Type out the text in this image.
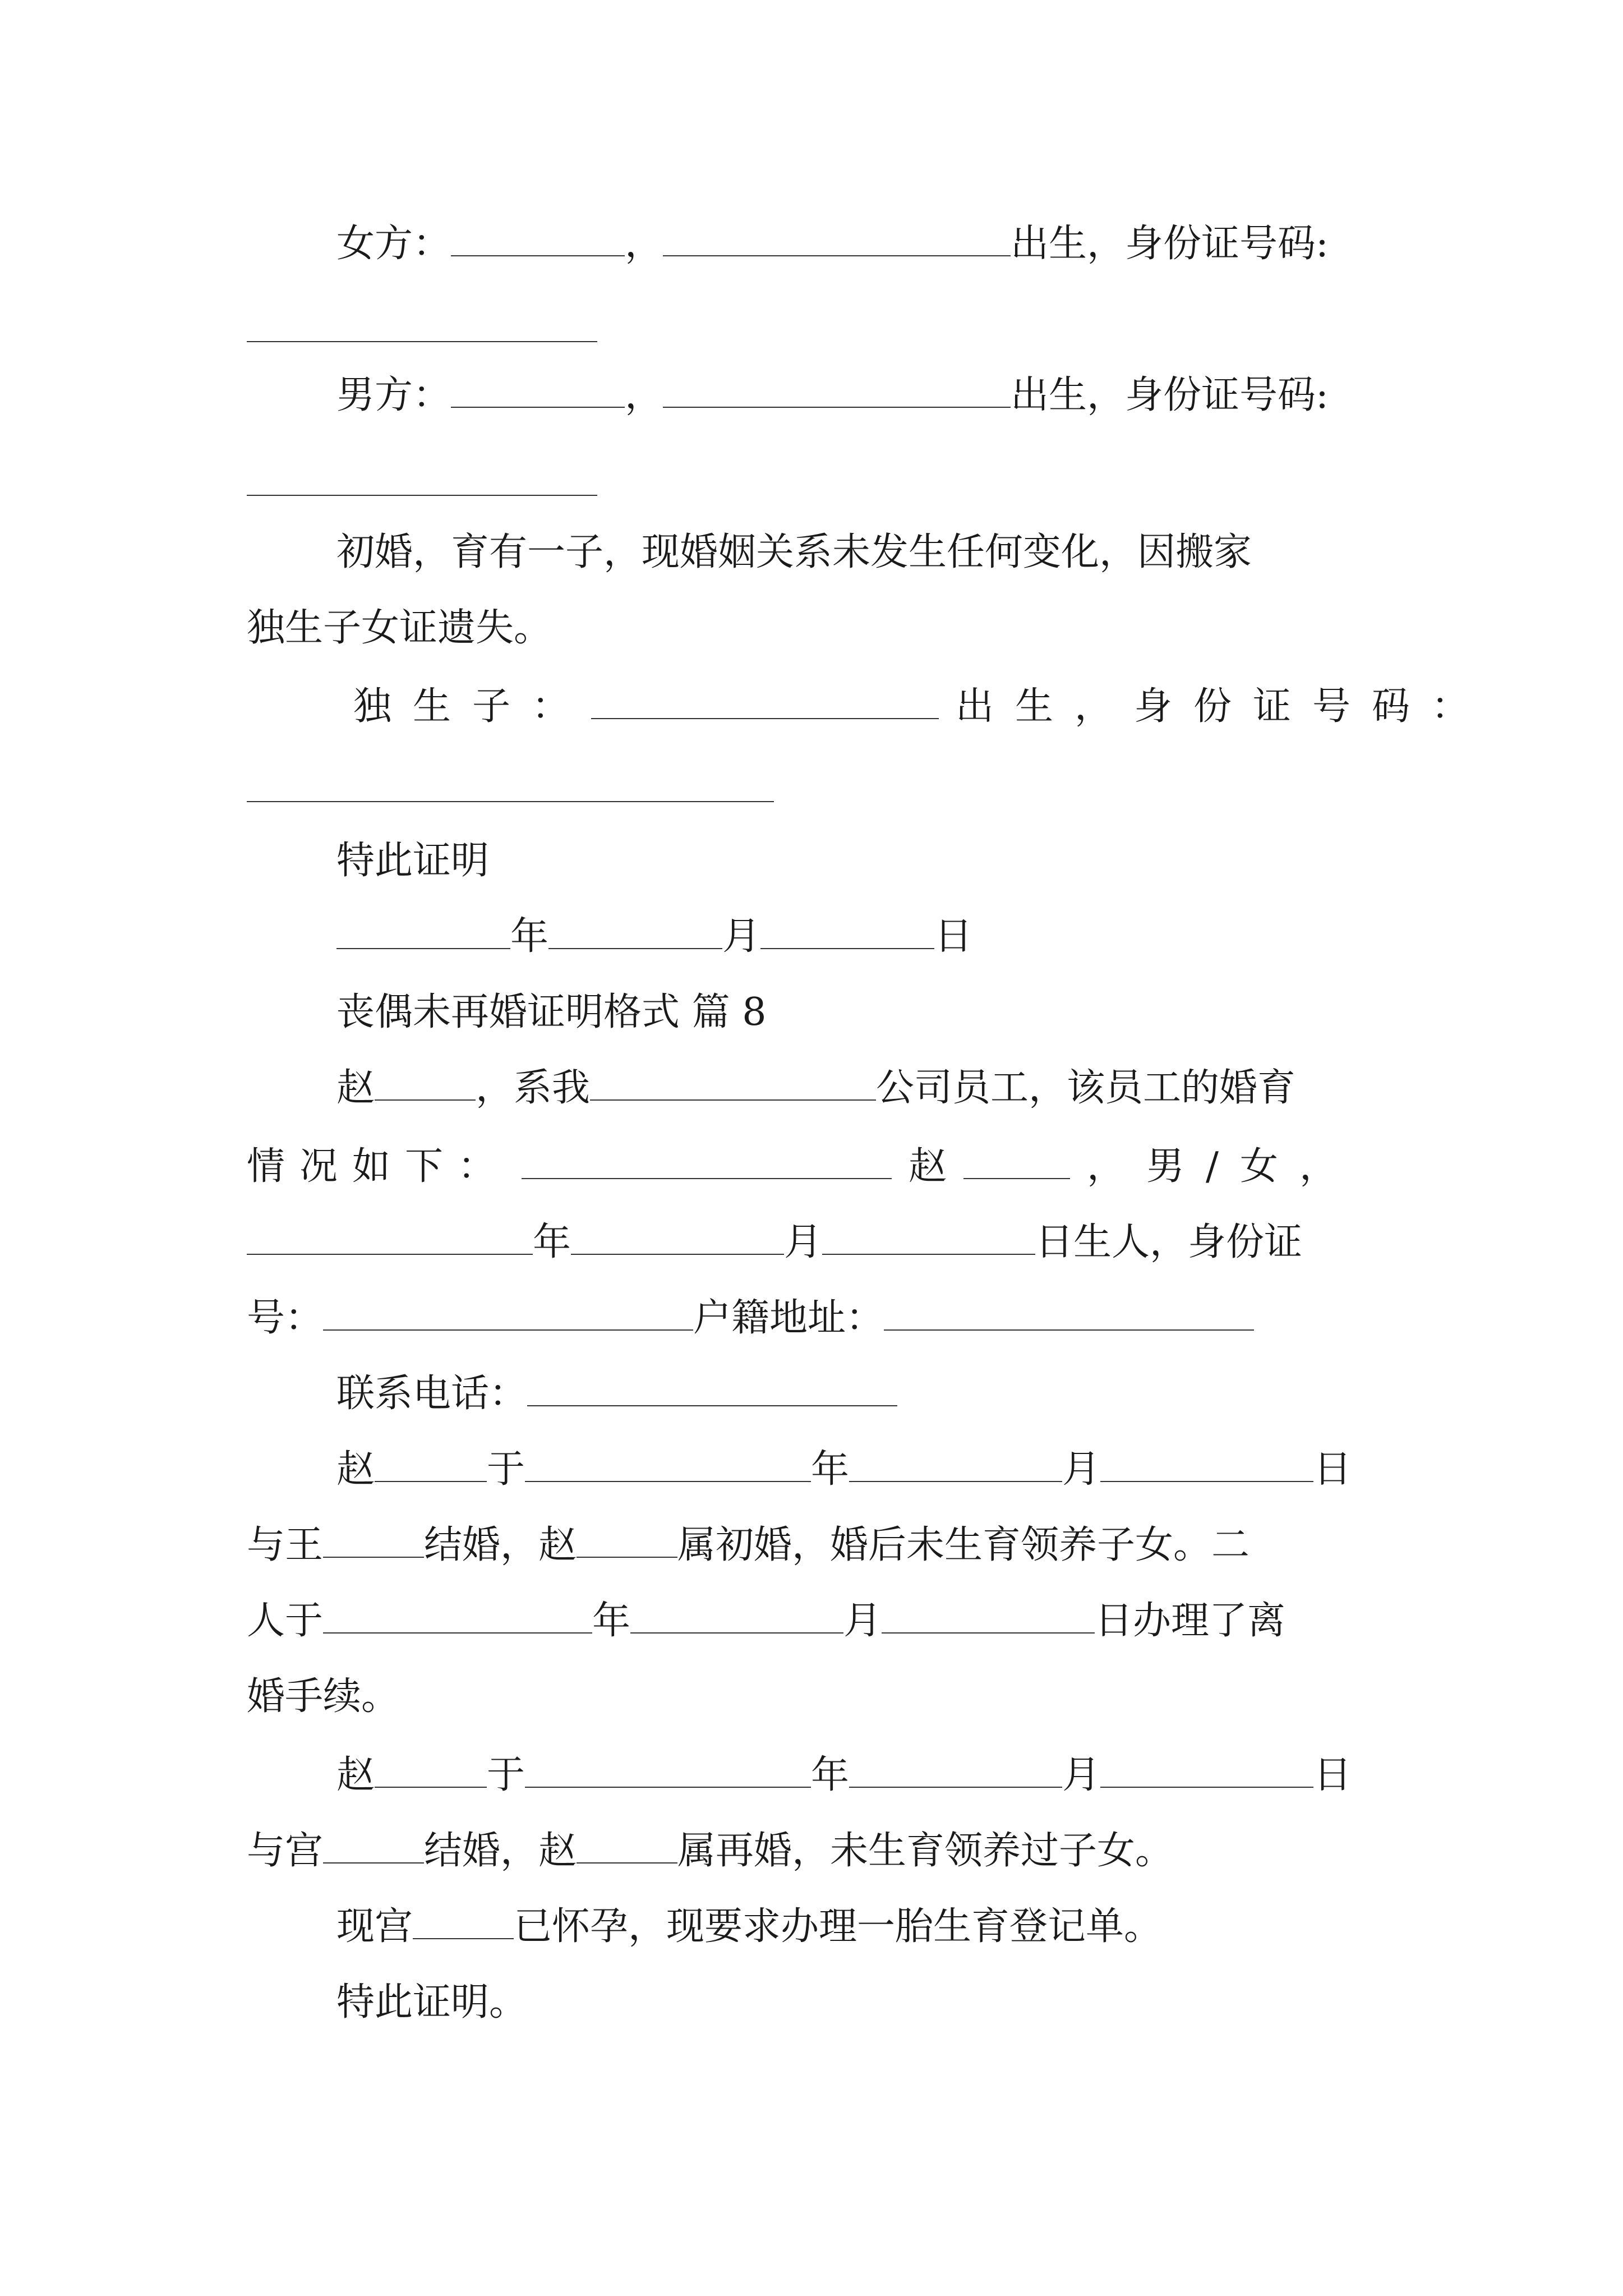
女方：	，	出生，身份证号码:
男方：	，	出生，身份证号码:
初婚，育有一子，现婚姻关系未发生任何变化，因搬家
独生子女证遗失。
独生子：	出生，身份证号码：
特此证明
年	月	日
丧偶未再婚证明格式 篇 8
赵	，系我	公司员工，该员工的婚育
情况如下：	赵	，男/女，
年	月	日生人，身份证
号：	户籍地址：
联系电话：
赵	于	年	月	日
与王	结婚，赵	属初婚，婚后未生育领养子女。二
人于	年	月	日办理了离
婚手续。
赵	于	年	月	日
与宫	结婚，赵	属再婚，未生育领养过子女。
现宫	已怀孕，现要求办理一胎生育登记单。
特此证明。
